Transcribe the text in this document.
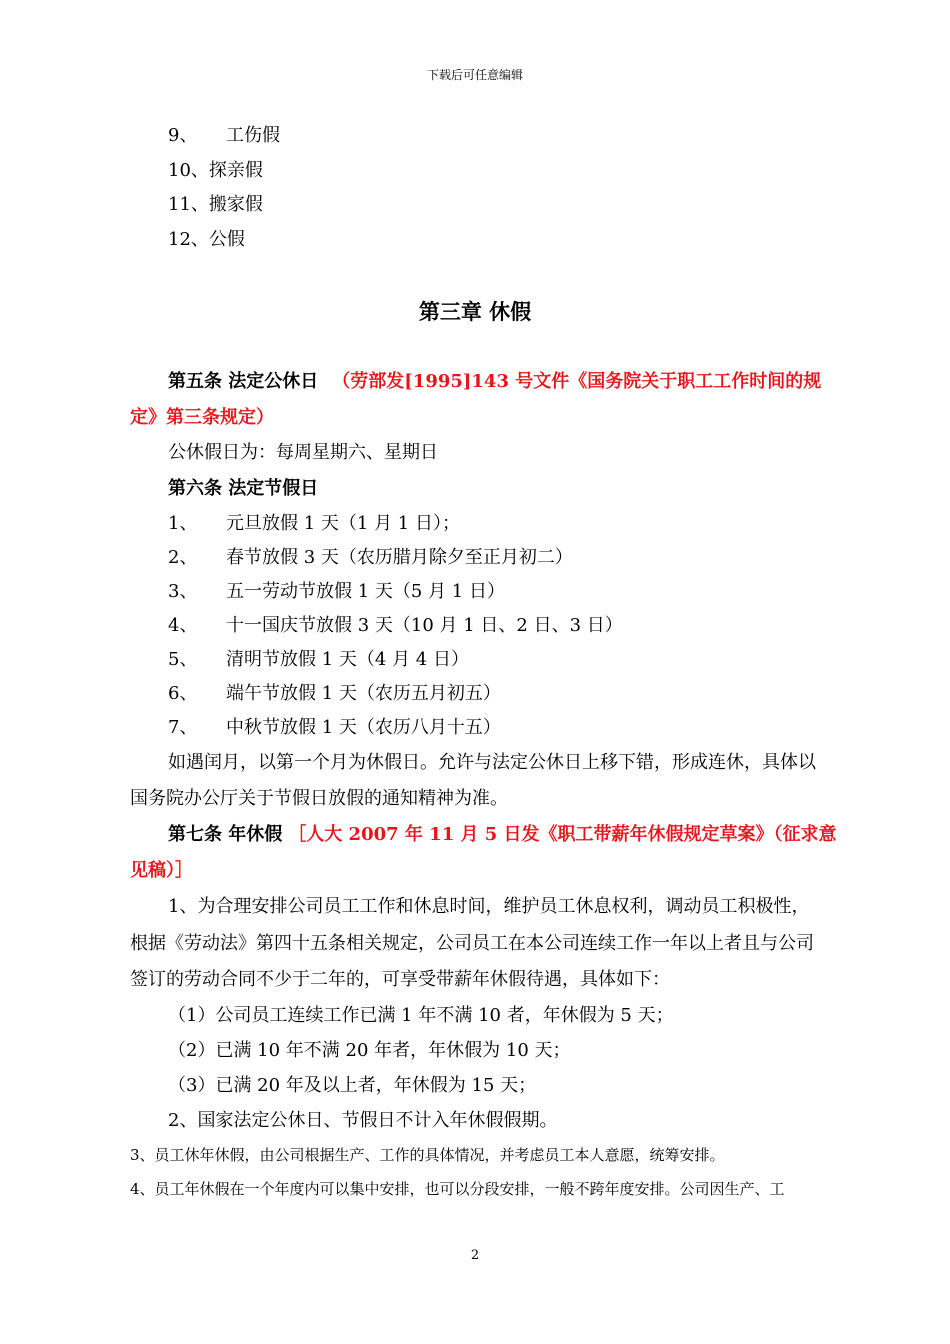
下载后可任意编辑
9、 工伤假
10、探亲假
11、搬家假
12、公假
第三章 休假
第五条 法定公休日 （劳部发[1995]143 号文件《国务院关于职工工作时间的规
定》第三条规定）
公休假日为：每周星期六、星期日
第六条 法定节假日
1、 元旦放假 1 天（1 月 1 日）；
2、 春节放假 3 天（农历腊月除夕至正月初二）
3、 五一劳动节放假 1 天（5 月 1 日）
4、 十一国庆节放假 3 天（10 月 1 日、2 日、3 日）
5、 清明节放假 1 天（4 月 4 日）
6、 端午节放假 1 天（农历五月初五）
7、 中秋节放假 1 天（农历八月十五）
如遇闰月，以第一个月为休假日。允许与法定公休日上移下错，形成连休，具体以
国务院办公厅关于节假日放假的通知精神为准。
第七条 年休假 ［人大 2007 年 11 月 5 日发《职工带薪年休假规定草案》（征求意
见稿）］
1、为合理安排公司员工工作和休息时间，维护员工休息权利，调动员工积极性，
根据《劳动法》第四十五条相关规定，公司员工在本公司连续工作一年以上者且与公司
签订的劳动合同不少于二年的，可享受带薪年休假待遇，具体如下：
（1）公司员工连续工作已满 1 年不满 10 者，年休假为 5 天；
（2）已满 10 年不满 20 年者，年休假为 10 天；
（3）已满 20 年及以上者，年休假为 15 天；
2、国家法定公休日、节假日不计入年休假假期。
3、员工休年休假，由公司根据生产、工作的具体情况，并考虑员工本人意愿，统筹安排。
4、员工年休假在一个年度内可以集中安排，也可以分段安排，一般不跨年度安排。公司因生产、工
2
